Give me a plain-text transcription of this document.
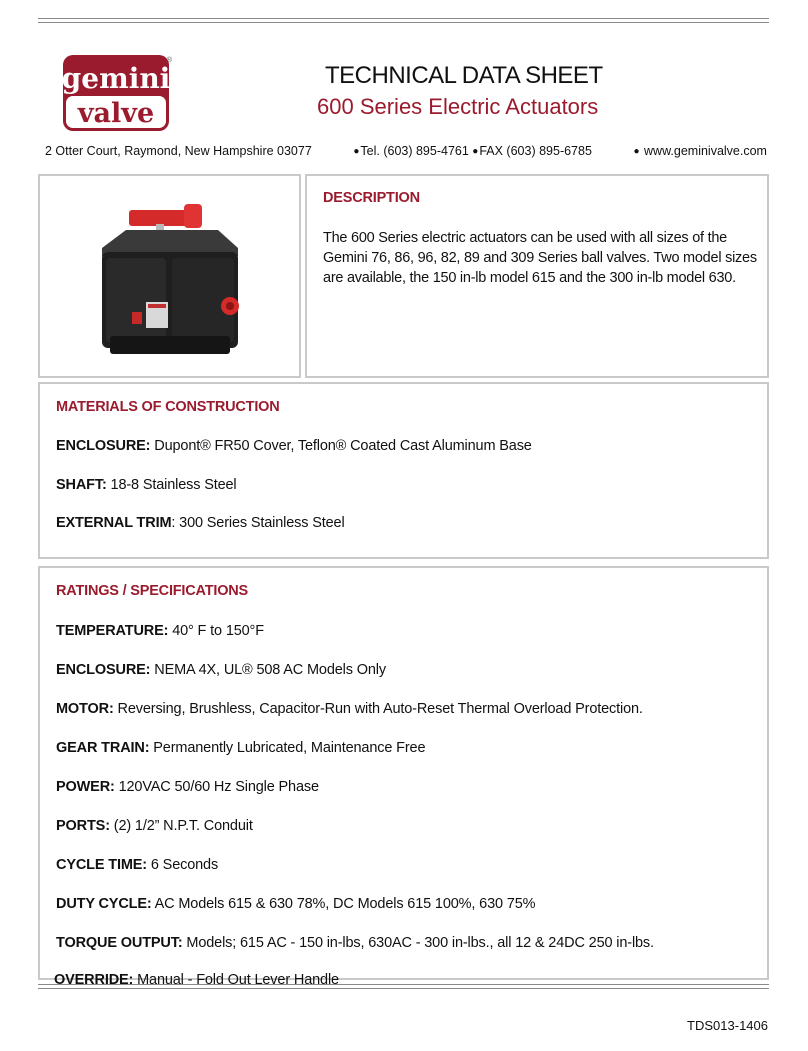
gemini
valve
®
TECHNICAL DATA SHEET
600 Series Electric Actuators
2 Otter Court, Raymond, New Hampshire 03077	●Tel. (603) 895-4761 ●FAX (603) 895-6785	● www.geminivalve.com
DESCRIPTION
The 600 Series electric actuators can be used with all sizes of the Gemini 76, 86, 96, 82, 89 and 309 Series ball valves. Two model sizes are available, the 150 in-lb model 615 and the 300 in-lb model 630.
MATERIALS OF CONSTRUCTION
ENCLOSURE: Dupont® FR50 Cover, Teflon® Coated Cast Aluminum Base
SHAFT: 18-8 Stainless Steel
EXTERNAL TRIM: 300 Series Stainless Steel
RATINGS / SPECIFICATIONS
TEMPERATURE: 40° F to 150°F
ENCLOSURE: NEMA 4X, UL® 508 AC Models Only
MOTOR: Reversing, Brushless, Capacitor-Run with Auto-Reset Thermal Overload Protection.
GEAR TRAIN: Permanently Lubricated, Maintenance Free
POWER: 120VAC 50/60 Hz Single Phase
PORTS: (2) 1/2” N.P.T. Conduit
CYCLE TIME: 6 Seconds
DUTY CYCLE: AC Models 615 & 630 78%, DC Models 615 100%, 630 75%
TORQUE OUTPUT: Models; 615 AC - 150 in-lbs, 630AC - 300 in-lbs., all 12 & 24DC 250 in-lbs.
OVERRIDE: Manual - Fold Out Lever Handle
TDS013-1406
